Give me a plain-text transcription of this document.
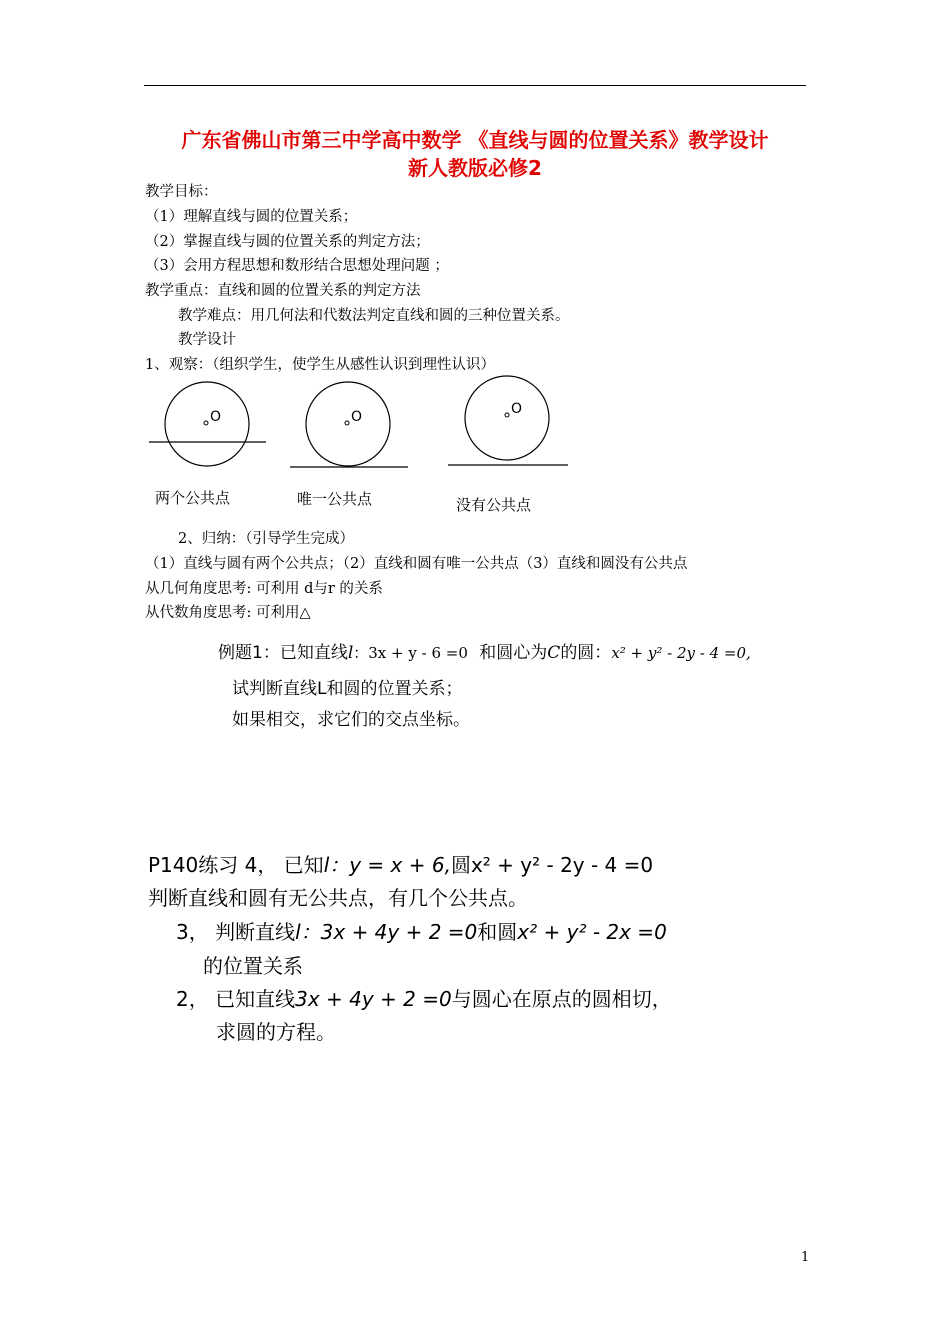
广东省佛山市第三中学高中数学 《直线与圆的位置关系》教学设计
新人教版必修2
教学目标：
（1）理解直线与圆的位置关系；
（2）掌握直线与圆的位置关系的判定方法；
（3）会用方程思想和数形结合思想处理问题 ；
教学重点：直线和圆的位置关系的判定方法
教学难点：用几何法和代数法判定直线和圆的三种位置关系。
教学设计
1、观察：（组织学生，使学生从感性认识到理性认识）
O	O	O
两个公共点	唯一公共点	没有公共点
2、归纳：（引导学生完成）
（1）直线与圆有两个公共点；（2）直线和圆有唯一公共点（3）直线和圆没有公共点
从几何角度思考: 可利用 d与r 的关系
从代数角度思考: 可利用△
例题1：已知直线l：3x + y - 6 =0 和圆心为C的圆：x² + y² - 2y - 4 =0,
试判断直线L和圆的位置关系；
如果相交，求它们的交点坐标。
P140练习 4， 已知l：y = x + 6,圆x² + y² - 2y - 4 =0
判断直线和圆有无公共点，有几个公共点。
3， 判断直线l：3x + 4y + 2 =0和圆x² + y² - 2x =0
的位置关系
2， 已知直线3x + 4y + 2 =0与圆心在原点的圆相切，
求圆的方程。
1
